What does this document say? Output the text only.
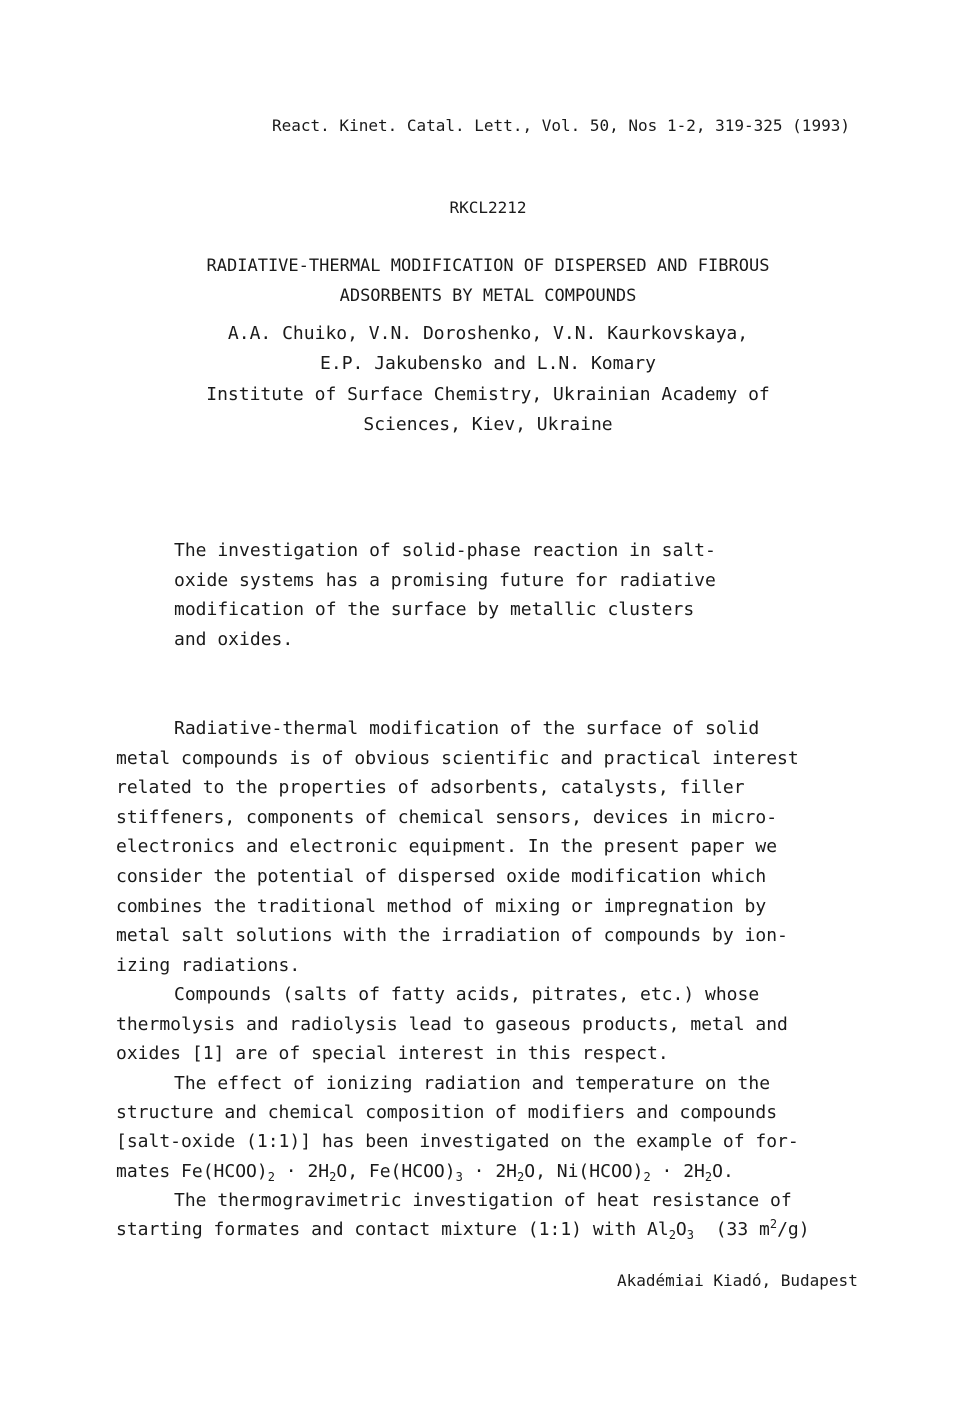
React. Kinet. Catal. Lett., Vol. 50, Nos 1-2, 319-325 (1993)
RKCL2212
RADIATIVE-THERMAL MODIFICATION OF DISPERSED AND FIBROUS
ADSORBENTS BY METAL COMPOUNDS
A.A. Chuiko, V.N. Doroshenko, V.N. Kaurkovskaya,
E.P. Jakubensko and L.N. Komary
Institute of Surface Chemistry, Ukrainian Academy of
Sciences, Kiev, Ukraine
The investigation of solid-phase reaction in salt-
oxide systems has a promising future for radiative
modification of the surface by metallic clusters
and oxides.
Radiative-thermal modification of the surface of solid
metal compounds is of obvious scientific and practical interest
related to the properties of adsorbents, catalysts, filler
stiffeners, components of chemical sensors, devices in micro-
electronics and electronic equipment. In the present paper we
consider the potential of dispersed oxide modification which
combines the traditional method of mixing or impregnation by
metal salt solutions with the irradiation of compounds by ion-
izing radiations.
Compounds (salts of fatty acids, pitrates, etc.) whose
thermolysis and radiolysis lead to gaseous products, metal and
oxides [1] are of special interest in this respect.
The effect of ionizing radiation and temperature on the
structure and chemical composition of modifiers and compounds
[salt-oxide (1:1)] has been investigated on the example of for-
mates $Fe(HCOO)_2 \cdot 2H_2O$, $Fe(HCOO)_3 \cdot 2H_2O$, $Ni(HCOO)_2 \cdot 2H_2O$.
The thermogravimetric investigation of heat resistance of
starting formates and contact mixture (1:1) with $Al_2O_3$  (33 $m^2/g$)
Akadémiai Kiadó, Budapest
